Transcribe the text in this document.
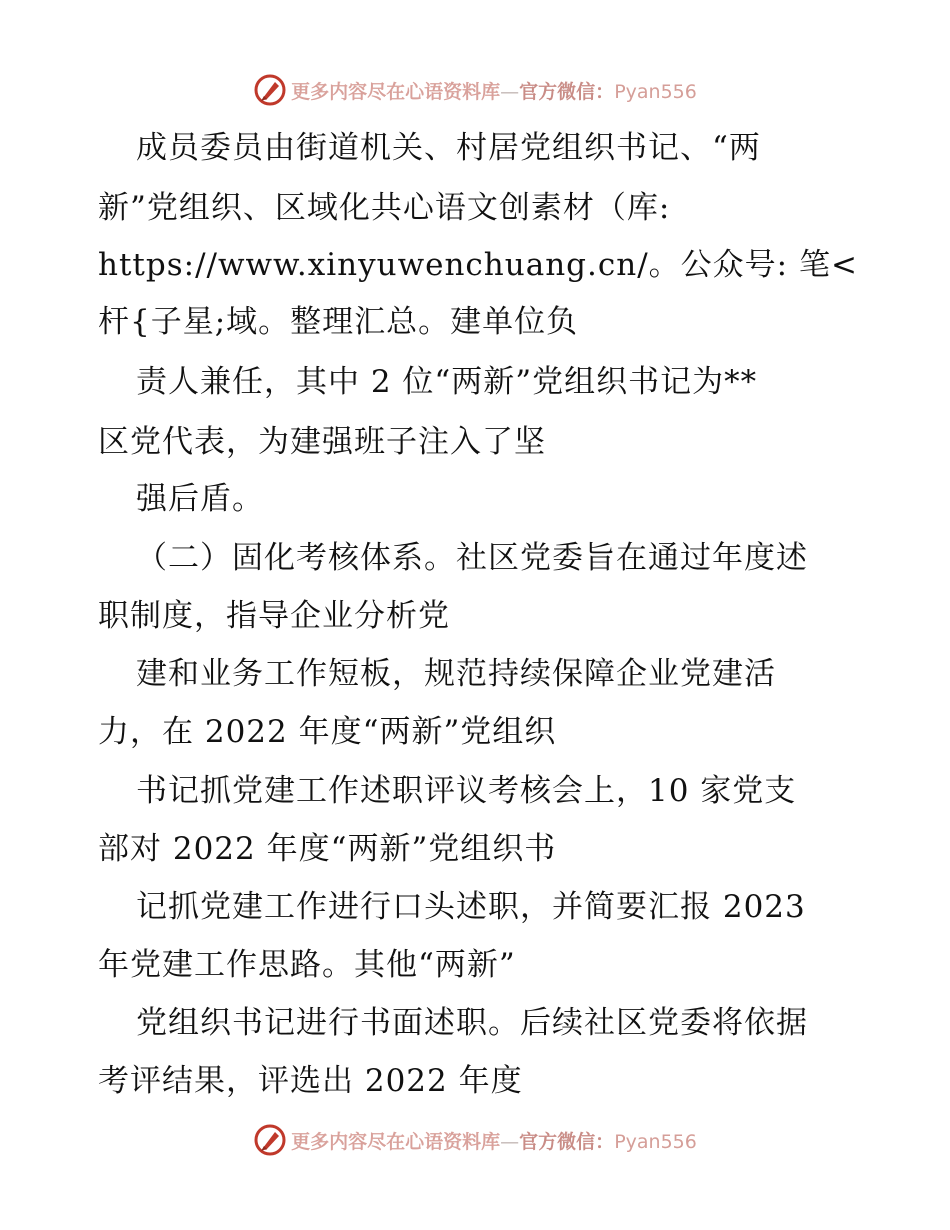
更多内容尽在心语资料库—官方微信：Pyan556
成员委员由街道机关、村居党组织书记、“两
新”党组织、区域化共心语文创素材（库:
https://www.xinyuwenchuang.cn/。公众号: 笔<
杆{子星;域。整理汇总。建单位负
责人兼任，其中 2 位“两新”党组织书记为**
区党代表，为建强班子注入了坚
强后盾。
（二）固化考核体系。社区党委旨在通过年度述
职制度，指导企业分析党
建和业务工作短板，规范持续保障企业党建活
力，在 2022 年度“两新”党组织
书记抓党建工作述职评议考核会上，10 家党支
部对 2022 年度“两新”党组织书
记抓党建工作进行口头述职，并简要汇报 2023
年党建工作思路。其他“两新”
党组织书记进行书面述职。后续社区党委将依据
考评结果，评选出 2022 年度
更多内容尽在心语资料库—官方微信：Pyan556
